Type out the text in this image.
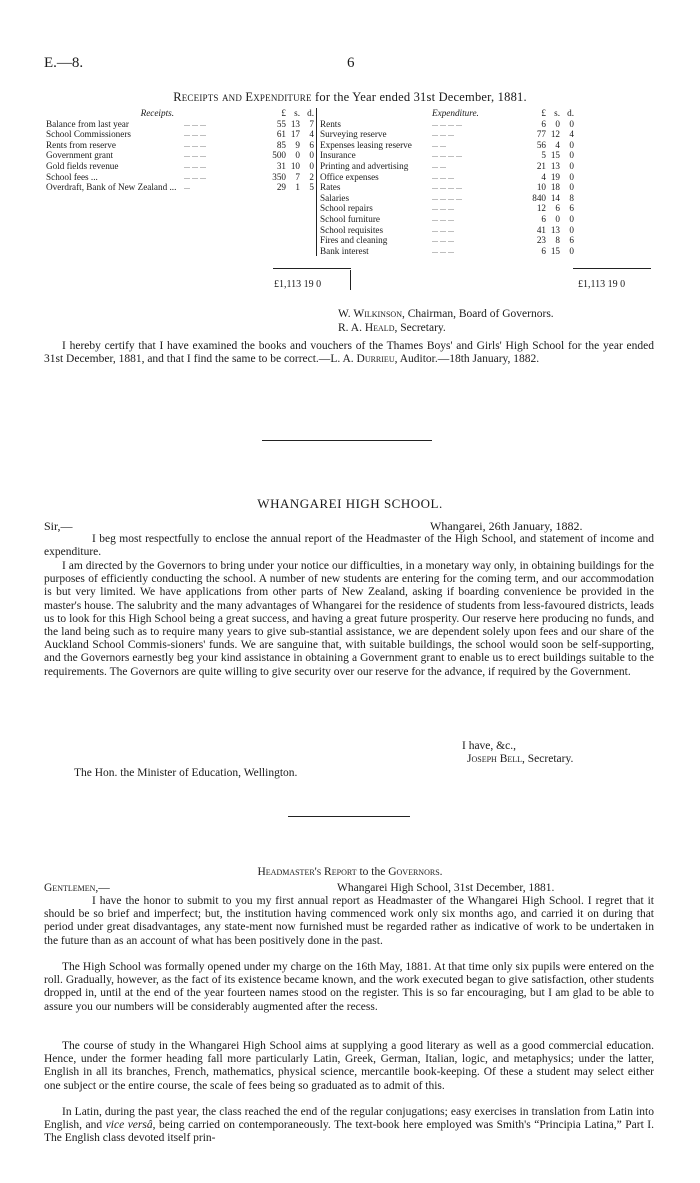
E.—8.	6
Receipts and Expenditure for the Year ended 31st December, 1881.
Receipts.		£	s.	d.		Expenditure.	£	s.	d.
Balance from last year	... ... ...	55	13	7	Rents	... ... ... ...	6	0	0
School Commissioners	... ... ...	61	17	4	Surveying reserve	... ... ...	77	12	4
Rents from reserve	... ... ...	85	9	6	Expenses leasing reserve	... ...	56	4	0
Government grant	... ... ...	500	0	0	Insurance	... ... ... ...	5	15	0
Gold fields revenue	... ... ...	31	10	0	Printing and advertising	... ...	21	13	0
School fees ...	... ... ...	350	7	2	Office expenses	... ... ...	4	19	0
Overdraft, Bank of New Zealand ...	...	29	1	5	Rates	... ... ... ...	10	18	0
					Salaries	... ... ... ...	840	14	8
					School repairs	... ... ...	12	6	6
					School furniture	... ... ...	6	0	0
					School requisites	... ... ...	41	13	0
					Fires and cleaning	... ... ...	23	8	6
					Bank interest	... ... ...	6	15	0
£1,113 19 0	£1,113 19 0
W. Wilkinson, Chairman, Board of Governors.
R. A. Heald, Secretary.

I hereby certify that I have examined the books and vouchers of the Thames Boys' and Girls' High School for the year ended 31st December, 1881, and that I find the same to be correct.—L. A. Durrieu, Auditor.—18th January, 1882.

WHANGAREI HIGH SCHOOL.
Sir,—	Whangarei, 26th January, 1882.

I beg most respectfully to enclose the annual report of the Headmaster of the High School, and statement of income and expenditure.

I am directed by the Governors to bring under your notice our difficulties, in a monetary way only, in obtaining buildings for the purposes of efficiently conducting the school. A number of new students are entering for the coming term, and our accommodation is but very limited. We have applications from other parts of New Zealand, asking if boarding convenience be provided in the master's house. The salubrity and the many advantages of Whangarei for the residence of students from less-favoured districts, leads us to look for this High School being a great success, and having a great future prosperity. Our reserve here producing no funds, and the land being such as to require many years to give sub-stantial assistance, we are dependent solely upon fees and our share of the Auckland School Commis-sioners' funds. We are sanguine that, with suitable buildings, the school would soon be self-supporting, and the Governors earnestly beg your kind assistance in obtaining a Government grant to enable us to erect buildings suitable to the requirements. The Governors are quite willing to give security over our reserve for the advance, if required by the Government.

I have, &c.,
Joseph Bell, Secretary.
The Hon. the Minister of Education, Wellington.
Headmaster's Report to the Governors.
Gentlemen,—	Whangarei High School, 31st December, 1881.

I have the honor to submit to you my first annual report as Headmaster of the Whangarei High School. I regret that it should be so brief and imperfect; but, the institution having commenced work only six months ago, and carried it on during that period under great disadvantages, any state-ment now furnished must be regarded rather as indicative of work to be undertaken in the future than as an account of what has been positively done in the past.

The High School was formally opened under my charge on the 16th May, 1881. At that time only six pupils were entered on the roll. Gradually, however, as the fact of its existence became known, and the work executed began to give satisfaction, other students dropped in, until at the end of the year fourteen names stood on the register. This is so far encouraging, but I am glad to be able to assure you our numbers will be considerably augmented after the recess.

The course of study in the Whangarei High School aims at supplying a good literary as well as a good commercial education. Hence, under the former heading fall more particularly Latin, Greek, German, Italian, logic, and metaphysics; under the latter, English in all its branches, French, mathematics, physical science, mercantile book-keeping. Of these a student may select either one subject or the entire course, the scale of fees being so graduated as to admit of this.

In Latin, during the past year, the class reached the end of the regular conjugations; easy exercises in translation from Latin into English, and vice versâ, being carried on contemporaneously. The text-book here employed was Smith's “Principia Latina,” Part I. The English class devoted itself prin-
